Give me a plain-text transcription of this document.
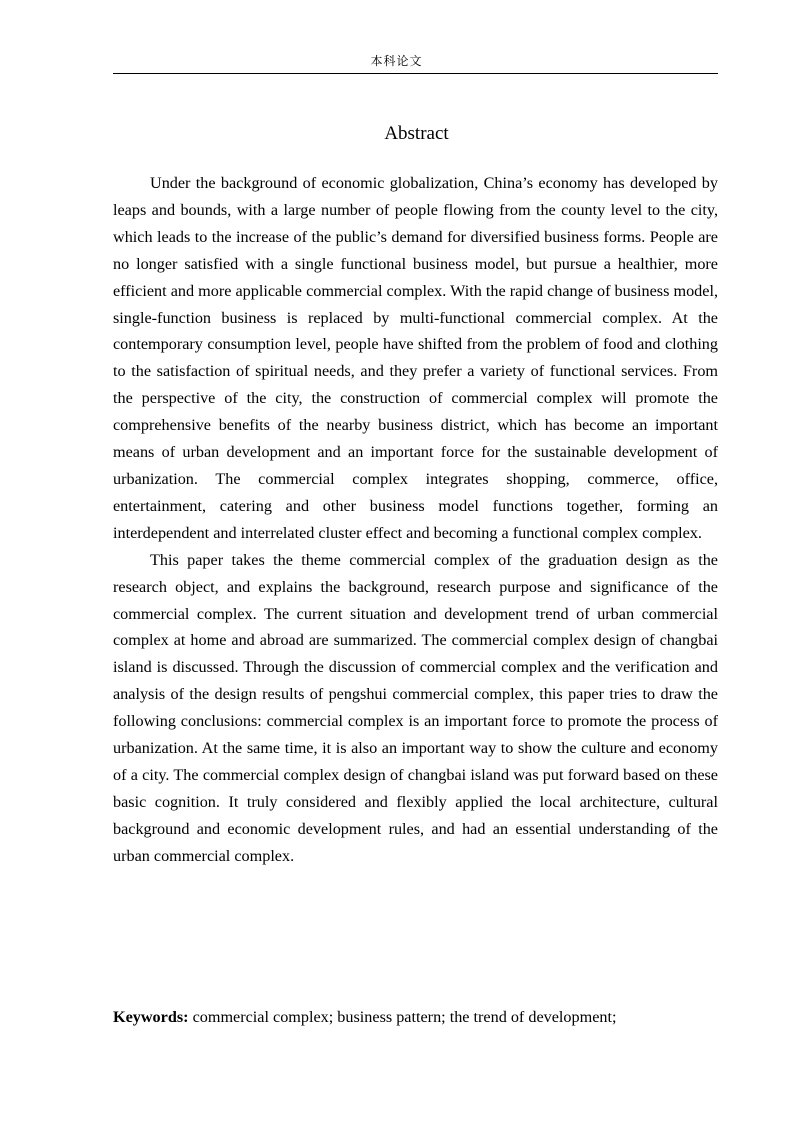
本科论文
Abstract

Under the background of economic globalization, China’s economy has developed by leaps and bounds, with a large number of people flowing from the county level to the city, which leads to the increase of the public’s demand for diversified business forms. People are no longer satisfied with a single functional business model, but pursue a healthier, more efficient and more applicable commercial complex. With the rapid change of business model, single-function business is replaced by multi-functional commercial complex. At the contemporary consumption level, people have shifted from the problem of food and clothing to the satisfaction of spiritual needs, and they prefer a variety of functional services. From the perspective of the city, the construction of commercial complex will promote the comprehensive benefits of the nearby business district, which has become an important means of urban development and an important force for the sustainable development of urbanization. The commercial complex integrates shopping, commerce, office, entertainment, catering and other business model functions together, forming an interdependent and interrelated cluster effect and becoming a functional complex complex.

This paper takes the theme commercial complex of the graduation design as the research object, and explains the background, research purpose and significance of the commercial complex. The current situation and development trend of urban commercial complex at home and abroad are summarized. The commercial complex design of changbai island is discussed. Through the discussion of commercial complex and the verification and analysis of the design results of pengshui commercial complex, this paper tries to draw the following conclusions: commercial complex is an important force to promote the process of urbanization. At the same time, it is also an important way to show the culture and economy of a city. The commercial complex design of changbai island was put forward based on these basic cognition. It truly considered and flexibly applied the local architecture, cultural background and economic development rules, and had an essential understanding of the urban commercial complex.

Keywords: commercial complex; business pattern; the trend of development;
